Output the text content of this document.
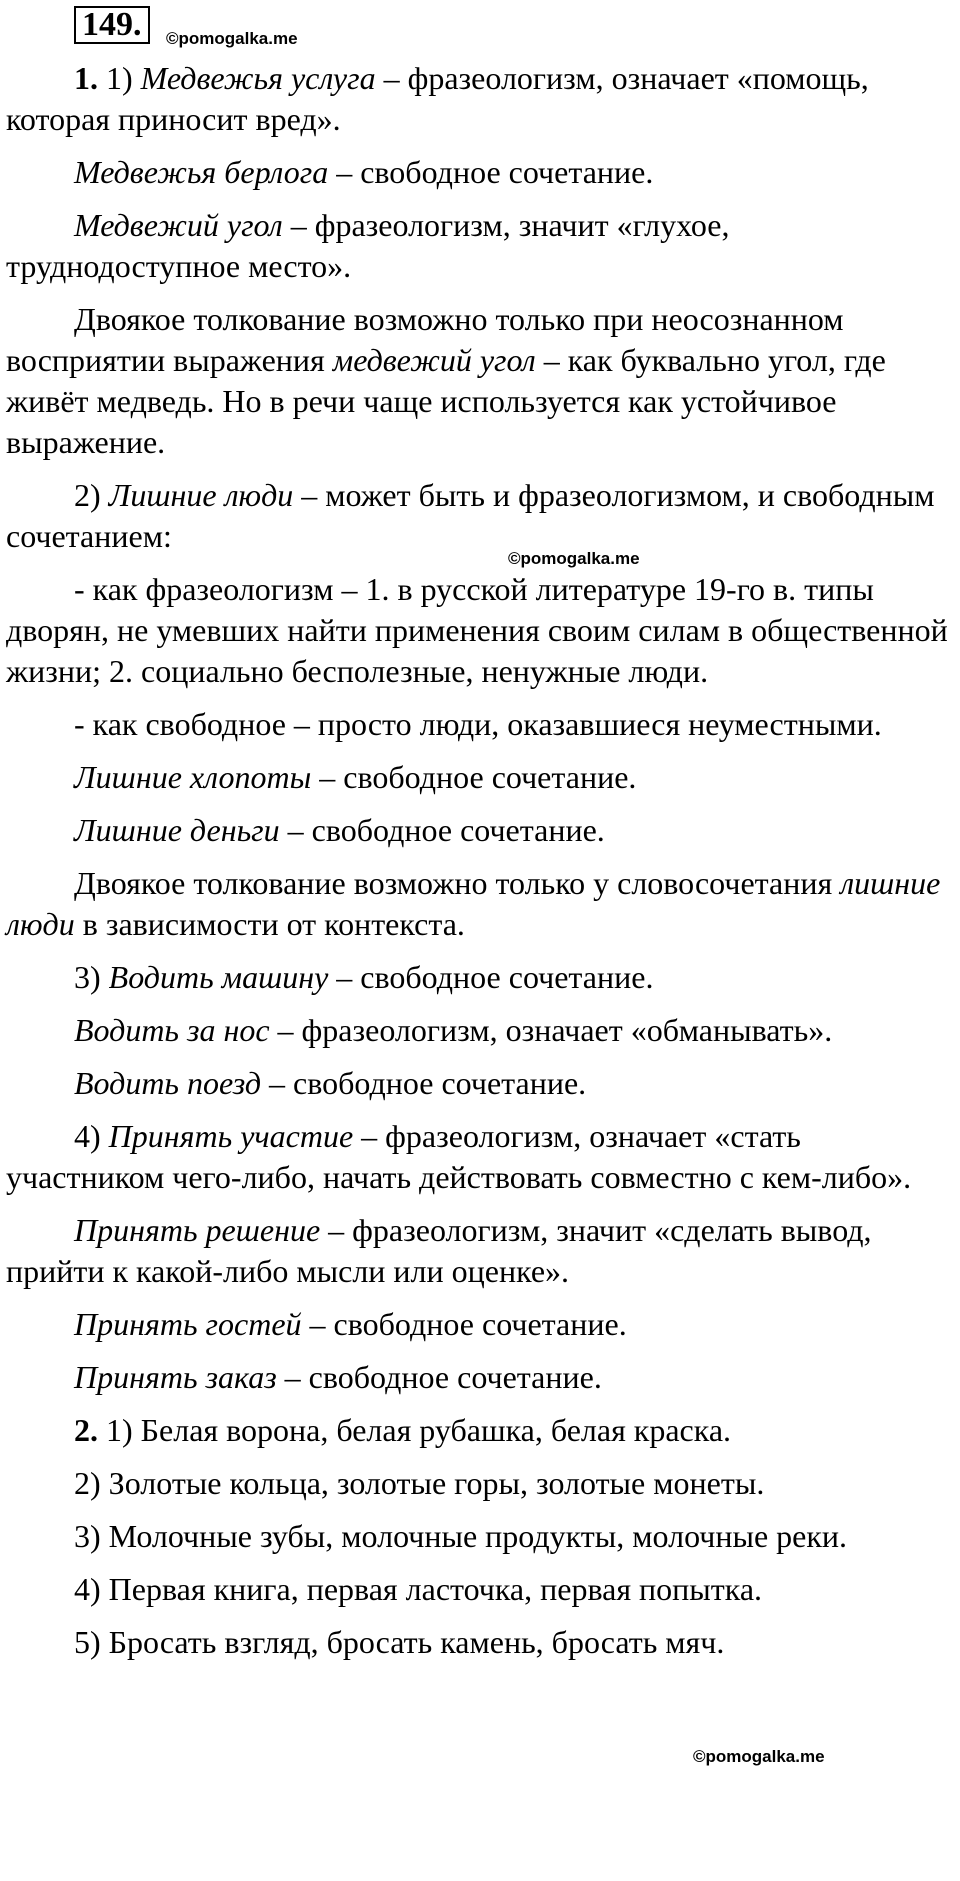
149.	©pomogalka.me
©pomogalka.me
©pomogalka.me

1. 1) Медвежья услуга – фразеологизм, означает «помощь, которая приносит вред».

Медвежья берлога – свободное сочетание.

Медвежий угол – фразеологизм, значит «глухое, труднодоступное место».

Двоякое толкование возможно только при неосознанном восприятии выражения медвежий угол – как буквально угол, где живёт медведь. Но в речи чаще используется как устойчивое выражение.

2) Лишние люди – может быть и фразеологизмом, и свободным сочетанием:

- как фразеологизм – 1. в русской литературе 19-го в. типы дворян, не умевших найти применения своим силам в общественной жизни; 2. социально бесполезные, ненужные люди.

- как свободное – просто люди, оказавшиеся неуместными.

Лишние хлопоты – свободное сочетание.

Лишние деньги – свободное сочетание.

Двоякое толкование возможно только у словосочетания лишние люди в зависимости от контекста.

3) Водить машину – свободное сочетание.

Водить за нос – фразеологизм, означает «обманывать».

Водить поезд – свободное сочетание.

4) Принять участие – фразеологизм, означает «стать участником чего-либо, начать действовать совместно с кем-либо».

Принять решение – фразеологизм, значит «сделать вывод, прийти к какой-либо мысли или оценке».

Принять гостей – свободное сочетание.

Принять заказ – свободное сочетание.

2. 1) Белая ворона, белая рубашка, белая краска.

2) Золотые кольца, золотые горы, золотые монеты.

3) Молочные зубы, молочные продукты, молочные реки.

4) Первая книга, первая ласточка, первая попытка.

5) Бросать взгляд, бросать камень, бросать мяч.
